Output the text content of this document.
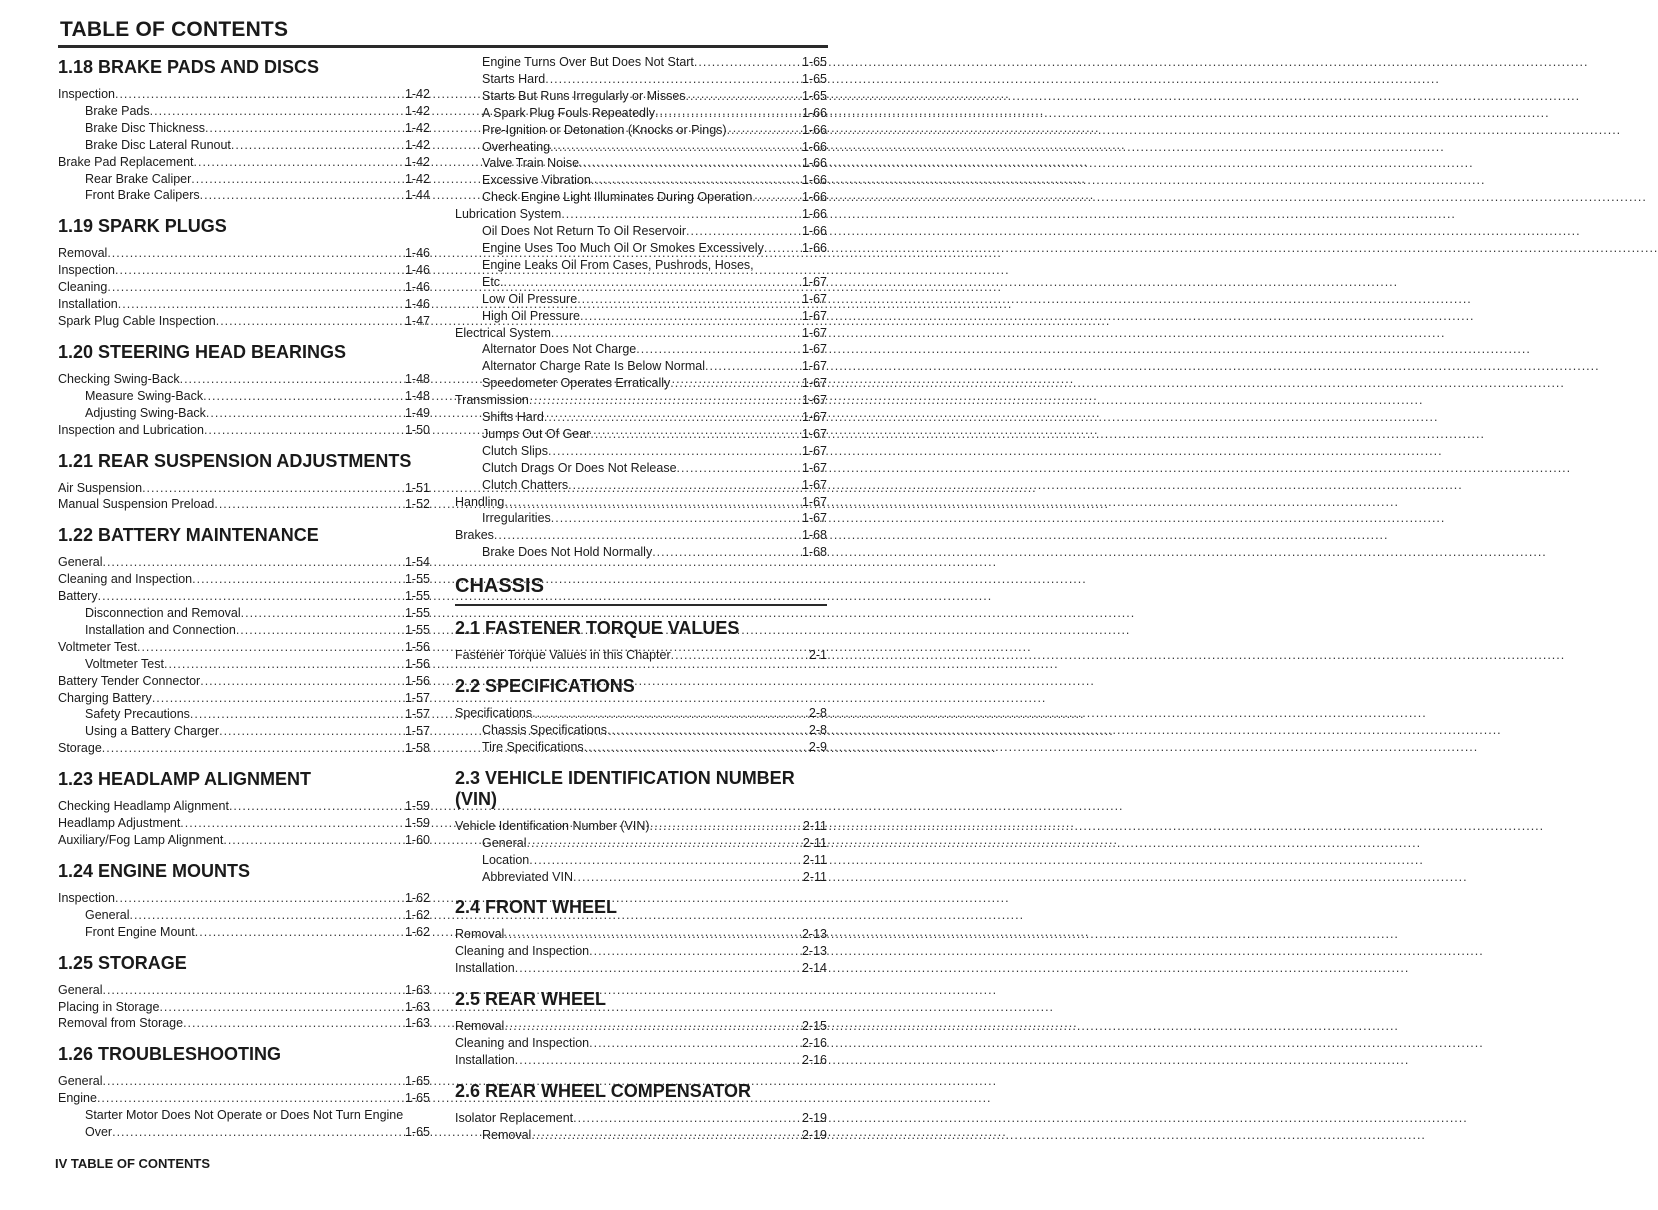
TABLE OF CONTENTS
1.18 BRAKE PADS AND DISCS
Inspection .....	1-42
Brake Pads .....	1-42
Brake Disc Thickness .....	1-42
Brake Disc Lateral Runout .....	1-42
Brake Pad Replacement .....	1-42
Rear Brake Caliper .....	1-42
Front Brake Calipers .....	1-44
1.19 SPARK PLUGS
Removal .....	1-46
Inspection .....	1-46
Cleaning .....	1-46
Installation .....	1-46
Spark Plug Cable Inspection .....	1-47
1.20 STEERING HEAD BEARINGS
Checking Swing-Back .....	1-48
Measure Swing-Back .....	1-48
Adjusting Swing-Back .....	1-49
Inspection and Lubrication .....	1-50
1.21 REAR SUSPENSION ADJUSTMENTS
Air Suspension .....	1-51
Manual Suspension Preload .....	1-52
1.22 BATTERY MAINTENANCE
General .....	1-54
Cleaning and Inspection .....	1-55
Battery .....	1-55
Disconnection and Removal .....	1-55
Installation and Connection .....	1-55
Voltmeter Test .....	1-56
Voltmeter Test .....	1-56
Battery Tender Connector .....	1-56
Charging Battery .....	1-57
Safety Precautions .....	1-57
Using a Battery Charger .....	1-57
Storage .....	1-58
1.23 HEADLAMP ALIGNMENT
Checking Headlamp Alignment .....	1-59
Headlamp Adjustment .....	1-59
Auxiliary/Fog Lamp Alignment .....	1-60
1.24 ENGINE MOUNTS
Inspection .....	1-62
General .....	1-62
Front Engine Mount .....	1-62
1.25 STORAGE
General .....	1-63
Placing in Storage .....	1-63
Removal from Storage .....	1-63
1.26 TROUBLESHOOTING
General .....	1-65
Engine .....	1-65
Starter Motor Does Not Operate or Does Not Turn Engine
Over .....	1-65
Engine Turns Over But Does Not Start .....	1-65
Starts Hard .....	1-65
Starts But Runs Irregularly or Misses .....	1-65
A Spark Plug Fouls Repeatedly .....	1-66
Pre-Ignition or Detonation (Knocks or Pings) .....	1-66
Overheating .....	1-66
Valve Train Noise .....	1-66
Excessive Vibration .....	1-66
Check Engine Light Illuminates During Operation .....	1-66
Lubrication System .....	1-66
Oil Does Not Return To Oil Reservoir .....	1-66
Engine Uses Too Much Oil Or Smokes Excessively .....	1-66
Engine Leaks Oil From Cases, Pushrods, Hoses,
Etc. .....	1-67
Low Oil Pressure .....	1-67
High Oil Pressure .....	1-67
Electrical System .....	1-67
Alternator Does Not Charge .....	1-67
Alternator Charge Rate Is Below Normal .....	1-67
Speedometer Operates Erratically .....	1-67
Transmission .....	1-67
Shifts Hard .....	1-67
Jumps Out Of Gear .....	1-67
Clutch Slips .....	1-67
Clutch Drags Or Does Not Release .....	1-67
Clutch Chatters .....	1-67
Handling .....	1-67
Irregularities .....	1-67
Brakes .....	1-68
Brake Does Not Hold Normally .....	1-68
CHASSIS
2.1 FASTENER TORQUE VALUES
Fastener Torque Values in this Chapter .....	2-1
2.2 SPECIFICATIONS
Specifications .....	2-8
Chassis Specifications .....	2-8
Tire Specifications .....	2-9
2.3 VEHICLE IDENTIFICATION NUMBER (VIN)
Vehicle Identification Number (VIN) .....	2-11
General .....	2-11
Location .....	2-11
Abbreviated VIN .....	2-11
2.4 FRONT WHEEL
Removal .....	2-13
Cleaning and Inspection .....	2-13
Installation .....	2-14
2.5 REAR WHEEL
Removal .....	2-15
Cleaning and Inspection .....	2-16
Installation .....	2-16
2.6 REAR WHEEL COMPENSATOR
Isolator Replacement .....	2-19
Removal .....	2-19
IV TABLE OF CONTENTS
